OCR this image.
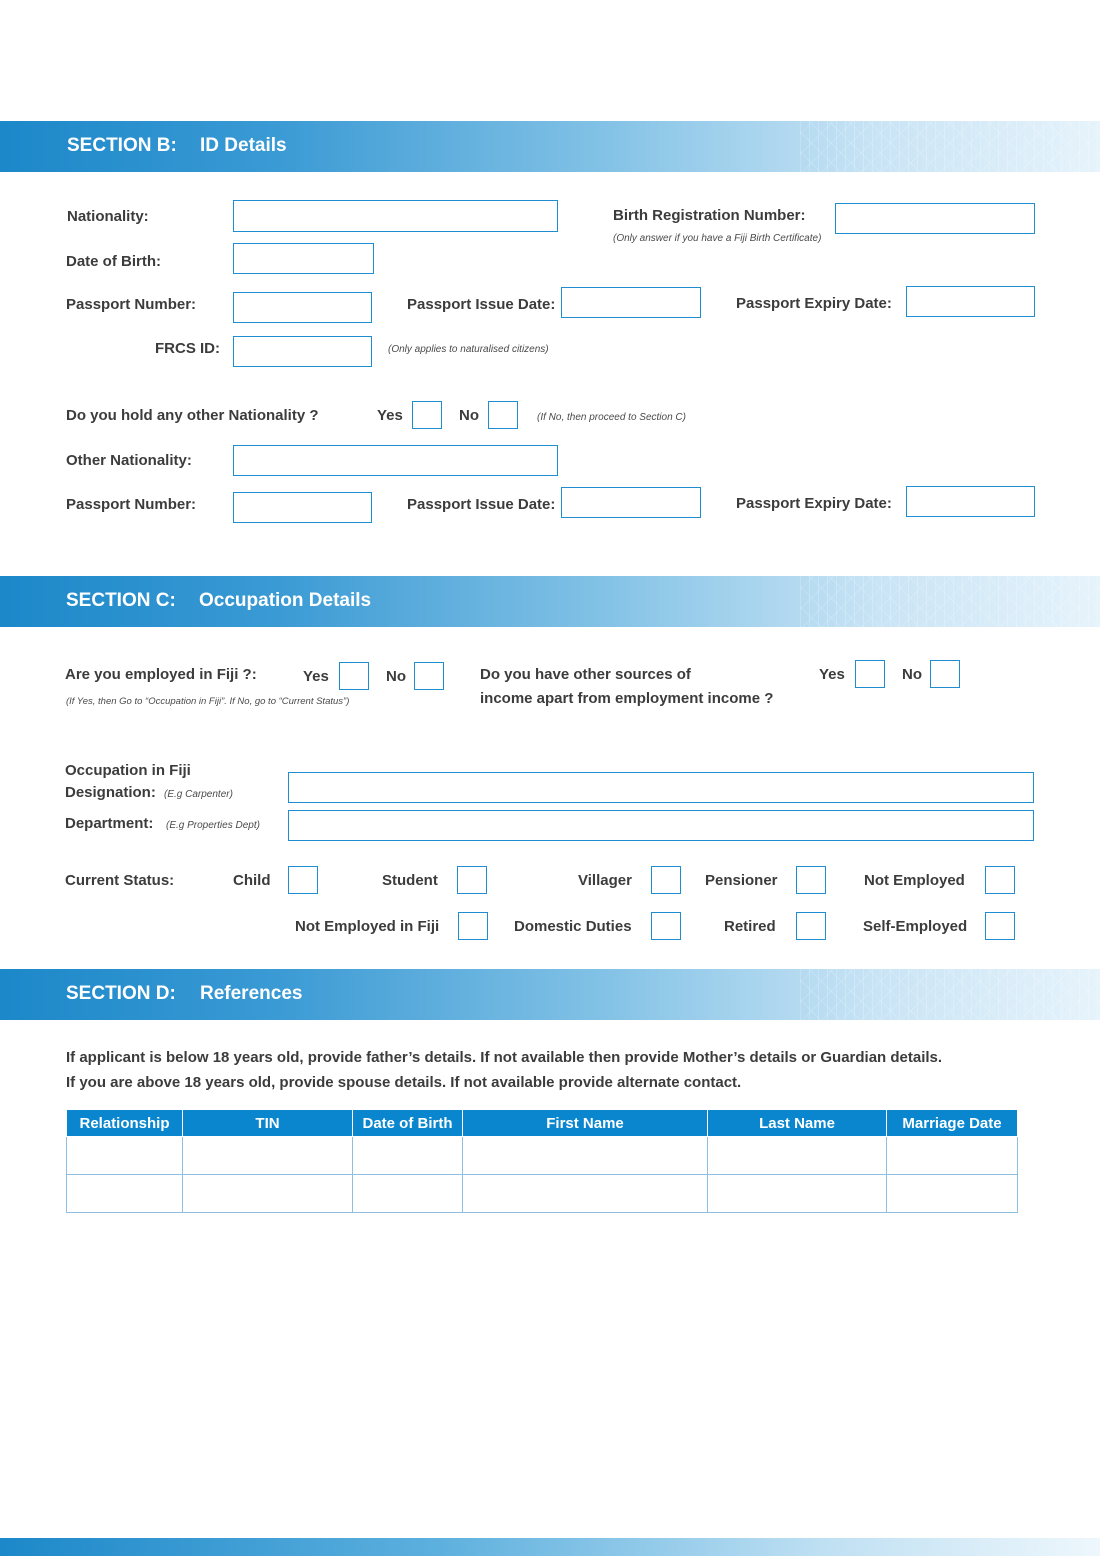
SECTION B: ID Details
Nationality:	Birth Registration Number:
(Only answer if you have a Fiji Birth Certificate)
Date of Birth:
Passport Number:	Passport Issue Date:	Passport Expiry Date:
FRCS ID:	(Only applies to naturalised citizens)
Do you hold any other Nationality ?	Yes	No	(If No, then proceed to Section C)
Other Nationality:
Passport Number:	Passport Issue Date:	Passport Expiry Date:
SECTION C: Occupation Details
Are you employed in Fiji ?:
(If Yes, then Go to “Occupation in Fiji”. If No, go to “Current Status”)
Yes	No	Do you have other sources of
income apart from employment income ?
Yes	No
Occupation in Fiji
Designation: (E.g Carpenter)
Department: (E.g Properties Dept)
Current Status:	Child	Student	Villager	Pensioner	Not Employed
Not Employed in Fiji	Domestic Duties	Retired	Self-Employed
SECTION D: References
If applicant is below 18 years old, provide father’s details. If not available then provide Mother’s details or Guardian details.
If you are above 18 years old, provide spouse details. If not available provide alternate contact.
Relationship	TIN	Date of Birth	First Name	Last Name	Marriage Date
